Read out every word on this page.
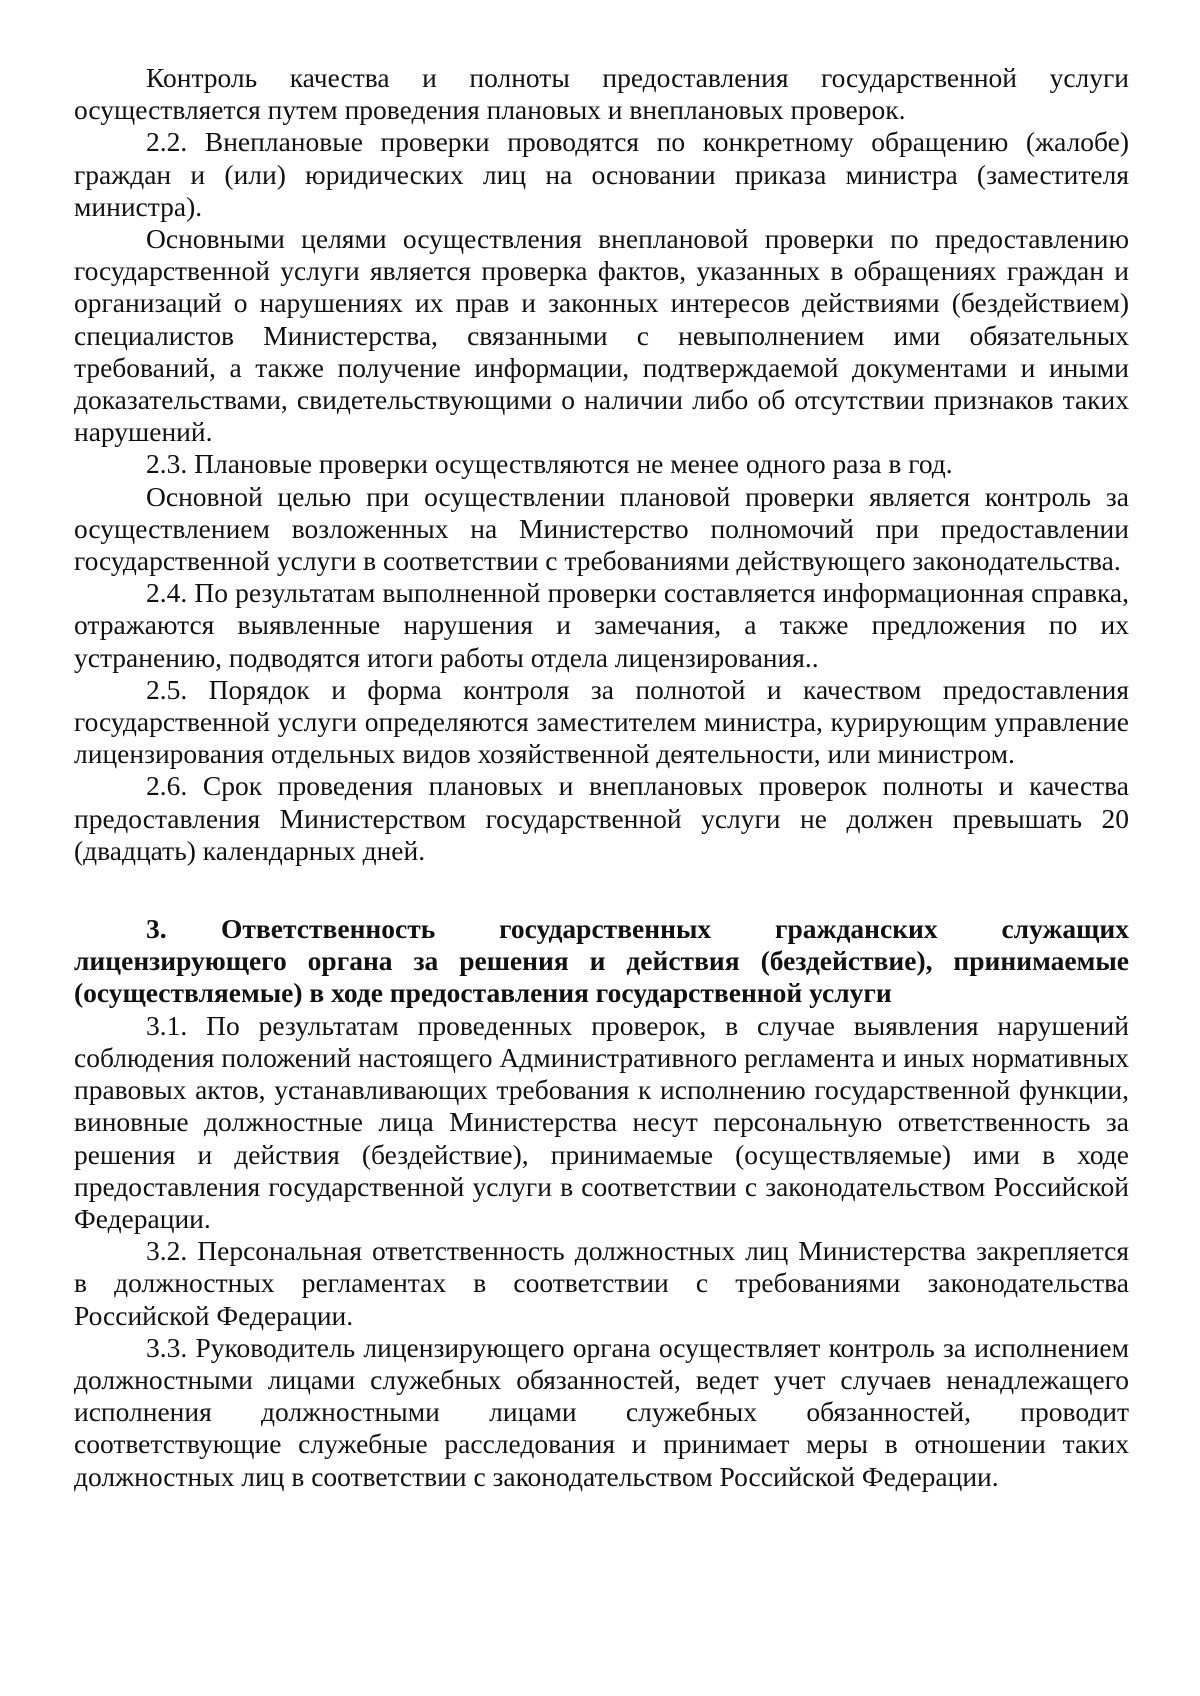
Контроль качества и полноты предоставления государственной услуги осуществляется путем проведения плановых и внеплановых проверок.

2.2. Внеплановые проверки проводятся по конкретному обращению (жалобе) граждан и (или) юридических лиц на основании приказа министра (заместителя министра).

Основными целями осуществления внеплановой проверки по предоставлению государственной услуги является проверка фактов, указанных в обращениях граждан и организаций о нарушениях их прав и законных интересов действиями (бездействием) специалистов Министерства, связанными с невыполнением ими обязательных требований, а также получение информации, подтверждаемой документами и иными доказательствами, свидетельствующими о наличии либо об отсутствии признаков таких нарушений.

2.3. Плановые проверки осуществляются не менее одного раза в год.

Основной целью при осуществлении плановой проверки является контроль за осуществлением возложенных на Министерство полномочий при предоставлении государственной услуги в соответствии с требованиями действующего законодательства.

2.4. По результатам выполненной проверки составляется информационная справка, отражаются выявленные нарушения и замечания, а также предложения по их устранению, подводятся итоги работы отдела лицензирования..

2.5. Порядок и форма контроля за полнотой и качеством предоставления государственной услуги определяются заместителем министра, курирующим управление лицензирования отдельных видов хозяйственной деятельности, или министром.

2.6. Срок проведения плановых и внеплановых проверок полноты и качества предоставления Министерством государственной услуги не должен превышать 20 (двадцать) календарных дней.

3. Ответственность государственных гражданских служащих лицензирующего органа за решения и действия (бездействие), принимаемые (осуществляемые) в ходе предоставления государственной услуги

3.1. По результатам проведенных проверок, в случае выявления нарушений соблюдения положений настоящего Административного регламента и иных нормативных правовых актов, устанавливающих требования к исполнению государственной функции, виновные должностные лица Министерства несут персональную ответственность за решения и действия (бездействие), принимаемые (осуществляемые) ими в ходе предоставления государственной услуги в соответствии с законодательством Российской Федерации.

3.2. Персональная ответственность должностных лиц Министерства закрепляется в должностных регламентах в соответствии с требованиями законодательства Российской Федерации.

3.3. Руководитель лицензирующего органа осуществляет контроль за исполнением должностными лицами служебных обязанностей, ведет учет случаев ненадлежащего исполнения должностными лицами служебных обязанностей, проводит соответствующие служебные расследования и принимает меры в отношении таких должностных лиц в соответствии с законодательством Российской Федерации.
